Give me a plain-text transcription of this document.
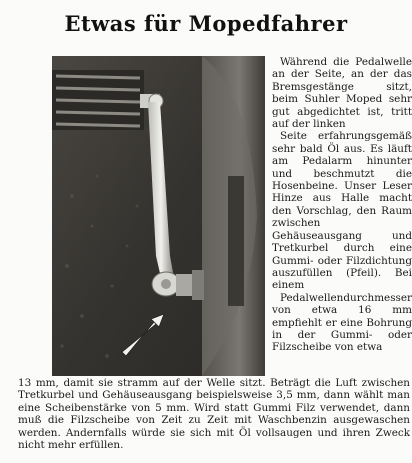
Etwas für Mopedfahrer

Während die Pedalwelle an der Seite, an der das Bremsgestänge sitzt, beim Suhler Moped sehr gut abgedichtet ist, tritt auf der linken

Seite erfahrungsgemäß sehr bald Öl aus. Es läuft am Pedalarm hinunter und beschmutzt die Hosenbeine. Unser Leser Hinze aus Halle macht den Vorschlag, den Raum zwischen Gehäuseausgang und Tretkurbel durch eine Gummi- oder Filzdichtung auszufüllen (Pfeil). Bei einem

Pedalwellendurchmesser von etwa 16 mm empfiehlt er eine Bohrung in der Gummi- oder Filzscheibe von etwa

13 mm, damit sie stramm auf der Welle sitzt. Beträgt die Luft zwischen Tretkurbel und Gehäuseausgang beispielsweise 3,5 mm, dann wählt man eine Scheibenstärke von 5 mm. Wird statt Gummi Filz verwendet, dann muß die Filzscheibe von Zeit zu Zeit mit Waschbenzin ausgewaschen werden. Andernfalls würde sie sich mit Öl vollsaugen und ihren Zweck nicht mehr erfüllen.
